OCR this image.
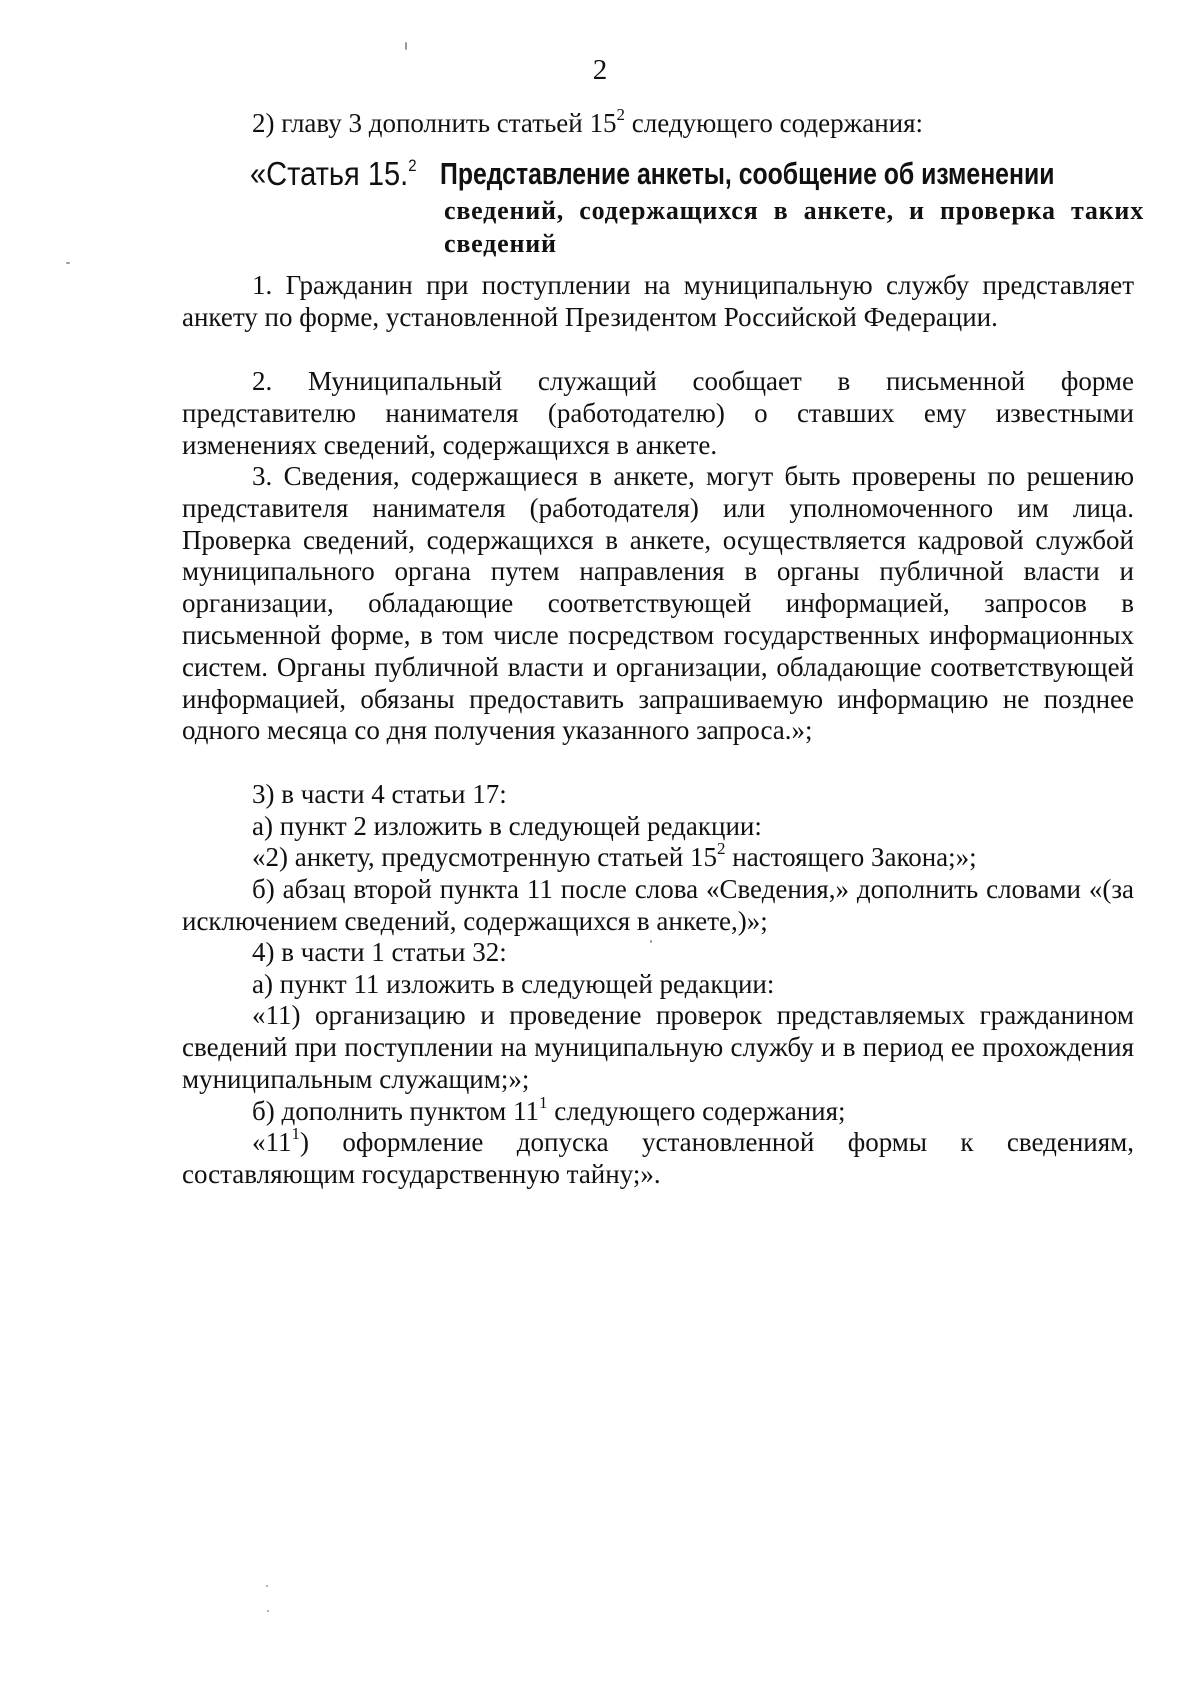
2

2) главу 3 дополнить статьей $15^2$ следующего содержания:

«Статья 15.$^2$ Представление анкеты, сообщение об изменении
сведений, содержащихся в анкете, и проверка таких сведений

1. Гражданин при поступлении на муниципальную службу представляет анкету по форме, установленной Президентом Российской Федерации.

2. Муниципальный служащий сообщает в письменной форме представителю нанимателя (работодателю) о ставших ему известными изменениях сведений, содержащихся в анкете.

3. Сведения, содержащиеся в анкете, могут быть проверены по решению представителя нанимателя (работодателя) или уполномоченного им лица. Проверка сведений, содержащихся в анкете, осуществляется кадровой службой муниципального органа путем направления в органы публичной власти и организации, обладающие соответствующей информацией, запросов в письменной форме, в том числе посредством государственных информационных систем. Органы публичной власти и организации, обладающие соответствующей информацией, обязаны предоставить запрашиваемую информацию не позднее одного месяца со дня получения указанного запроса.»;

3) в части 4 статьи 17:

а) пункт 2 изложить в следующей редакции:

«2) анкету, предусмотренную статьей $15^2$ настоящего Закона;»;

б) абзац второй пункта 11 после слова «Сведения,» дополнить словами «(за исключением сведений, содержащихся в анкете,)»;

4) в части 1 статьи 32:

а) пункт 11 изложить в следующей редакции:

«11) организацию и проведение проверок представляемых гражданином сведений при поступлении на муниципальную службу и в период ее прохождения муниципальным служащим;»;

б) дополнить пунктом $11^1$ следующего содержания;

«$11^1$) оформление допуска установленной формы к сведениям, составляющим государственную тайну;».
